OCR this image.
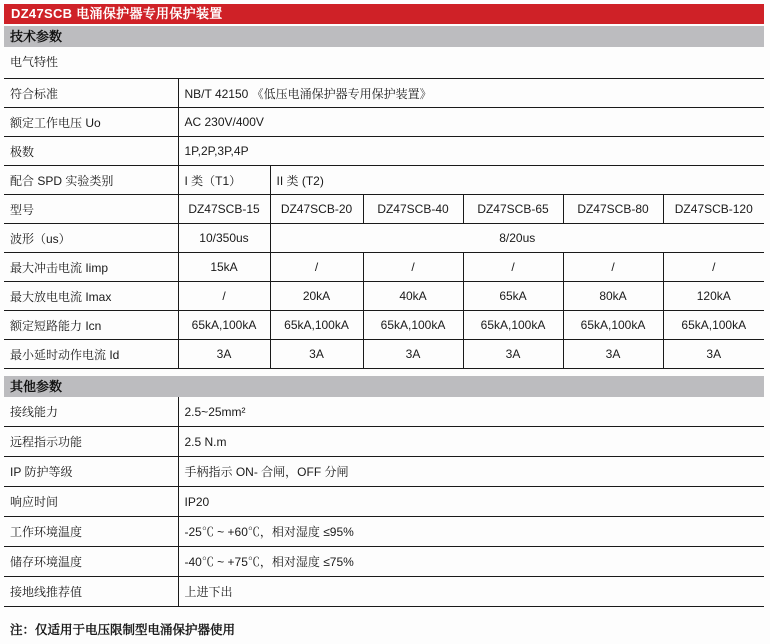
DZ47SCB 电涌保护器专用保护装置
技术参数
电气特性
符合标准	NB/T 42150 《低压电涌保护器专用保护装置》					
额定工作电压 Uo	AC 230V/400V					
极数	1P,2P,3P,4P					
配合 SPD 实验类别	I 类（T1）	II 类 (T2)				
型号	DZ47SCB-15	DZ47SCB-20	DZ47SCB-40	DZ47SCB-65	DZ47SCB-80	DZ47SCB-120
波形（us）	10/350us	8/20us				
最大冲击电流 Iimp	15kA	/	/	/	/	/
最大放电电流 Imax	/	20kA	40kA	65kA	80kA	120kA
额定短路能力 Icn	65kA,100kA	65kA,100kA	65kA,100kA	65kA,100kA	65kA,100kA	65kA,100kA
最小延时动作电流 Id	3A	3A	3A	3A	3A	3A
其他参数
接线能力	2.5~25mm²
远程指示功能	2.5 N.m
IP 防护等级	手柄指示 ON- 合闸，OFF 分闸
响应时间	IP20
工作环境温度	-25℃ ~ +60℃，相对湿度 ≤95%
储存环境温度	-40℃ ~ +75℃，相对湿度 ≤75%
接地线推荐值	上进下出
注：仅适用于电压限制型电涌保护器使用
